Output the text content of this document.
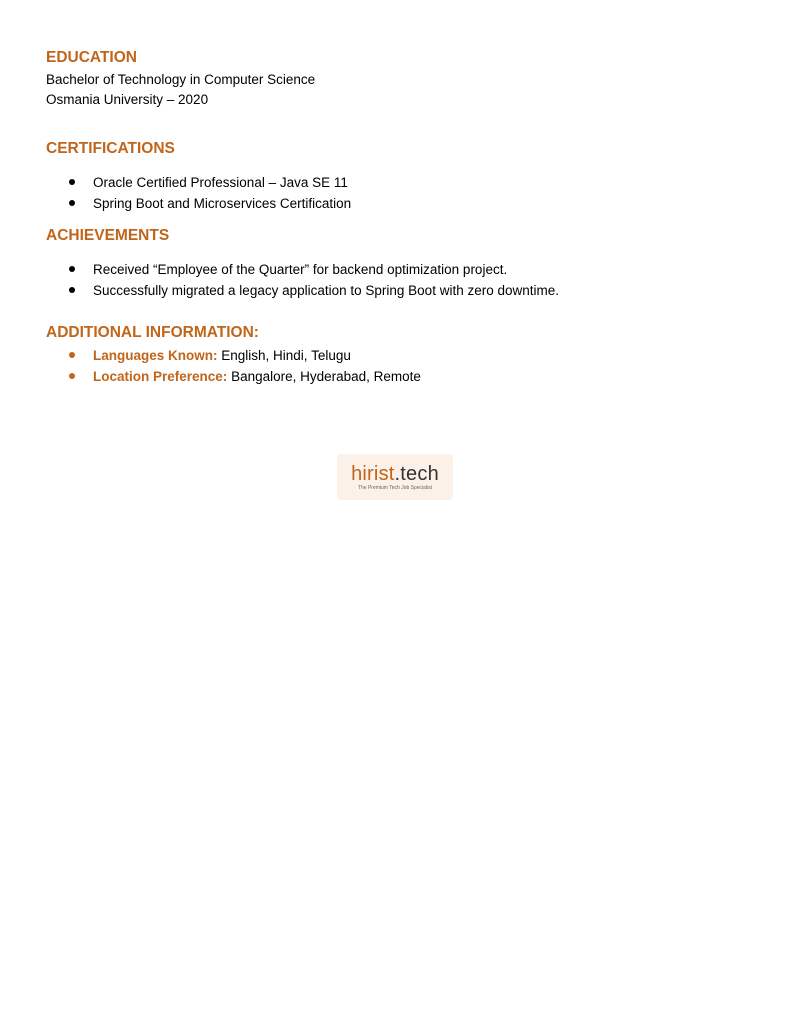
EDUCATION

Bachelor of Technology in Computer Science

Osmania University – 2020

CERTIFICATIONS
Oracle Certified Professional – Java SE 11
Spring Boot and Microservices Certification
ACHIEVEMENTS
Received “Employee of the Quarter” for backend optimization project.
Successfully migrated a legacy application to Spring Boot with zero downtime.
ADDITIONAL INFORMATION:
Languages Known: English, Hindi, Telugu
Location Preference: Bangalore, Hyderabad, Remote
hirist.tech
The Premium Tech Job Specialist
